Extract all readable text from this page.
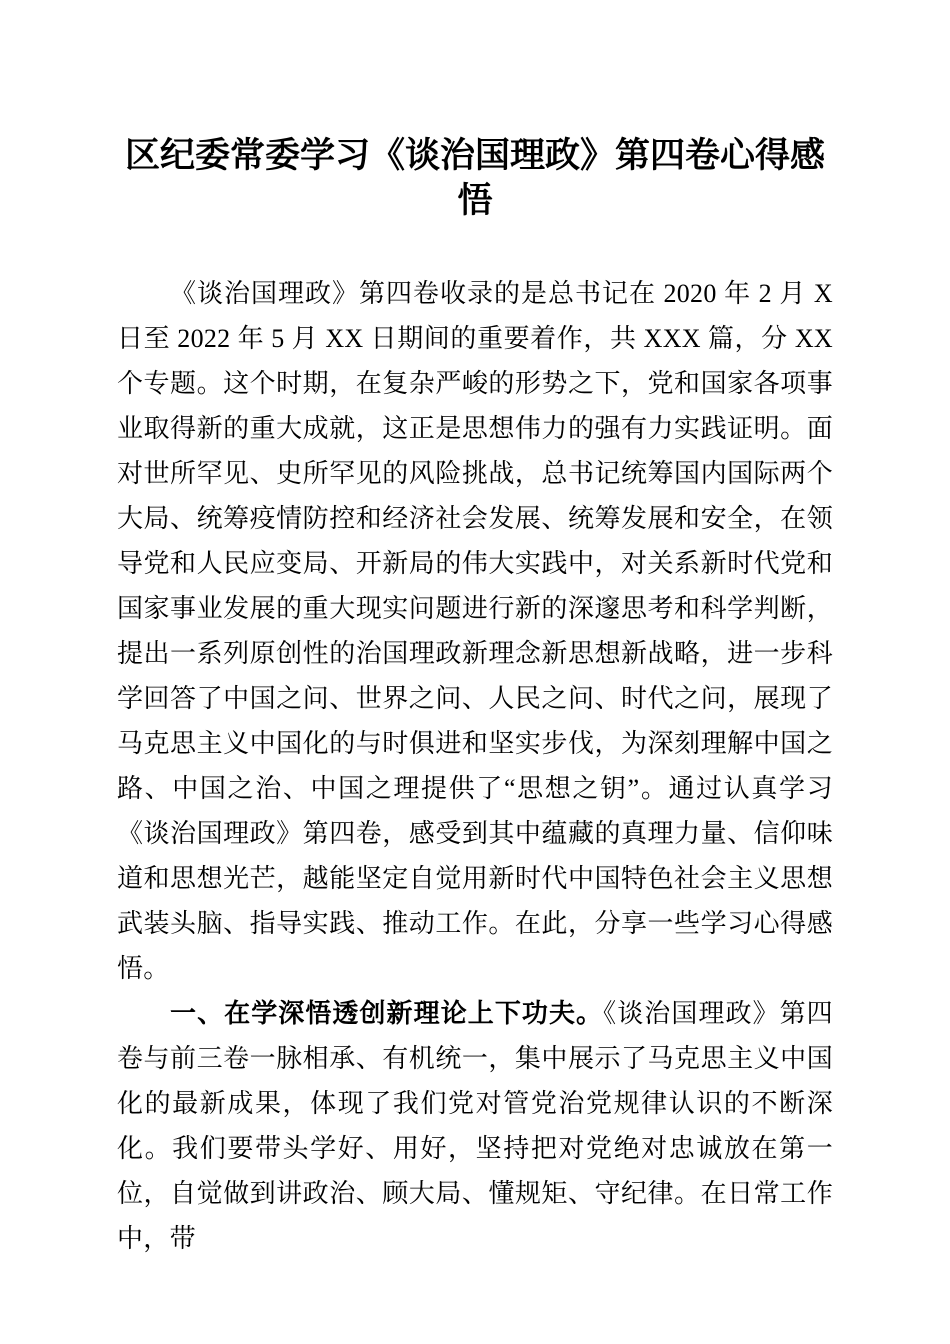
区纪委常委学习《谈治国理政》第四卷心得感悟

《谈治国理政》第四卷收录的是总书记在 2020 年 2 月 X 日至 2022 年 5 月 XX 日期间的重要着作，共 XXX 篇，分 XX 个专题。这个时期，在复杂严峻的形势之下，党和国家各项事业取得新的重大成就，这正是思想伟力的强有力实践证明。面对世所罕见、史所罕见的风险挑战，总书记统筹国内国际两个大局、统筹疫情防控和经济社会发展、统筹发展和安全，在领导党和人民应变局、开新局的伟大实践中，对关系新时代党和国家事业发展的重大现实问题进行新的深邃思考和科学判断，提出一系列原创性的治国理政新理念新思想新战略，进一步科学回答了中国之问、世界之问、人民之问、时代之问，展现了马克思主义中国化的与时俱进和坚实步伐，为深刻理解中国之路、中国之治、中国之理提供了“思想之钥”。通过认真学习《谈治国理政》第四卷，感受到其中蕴藏的真理力量、信仰味道和思想光芒，越能坚定自觉用新时代中国特色社会主义思想武装头脑、指导实践、推动工作。在此，分享一些学习心得感悟。

一、在学深悟透创新理论上下功夫。《谈治国理政》第四卷与前三卷一脉相承、有机统一，集中展示了马克思主义中国化的最新成果，体现了我们党对管党治党规律认识的不断深化。我们要带头学好、用好，坚持把对党绝对忠诚放在第一位，自觉做到讲政治、顾大局、懂规矩、守纪律。在日常工作中，带
